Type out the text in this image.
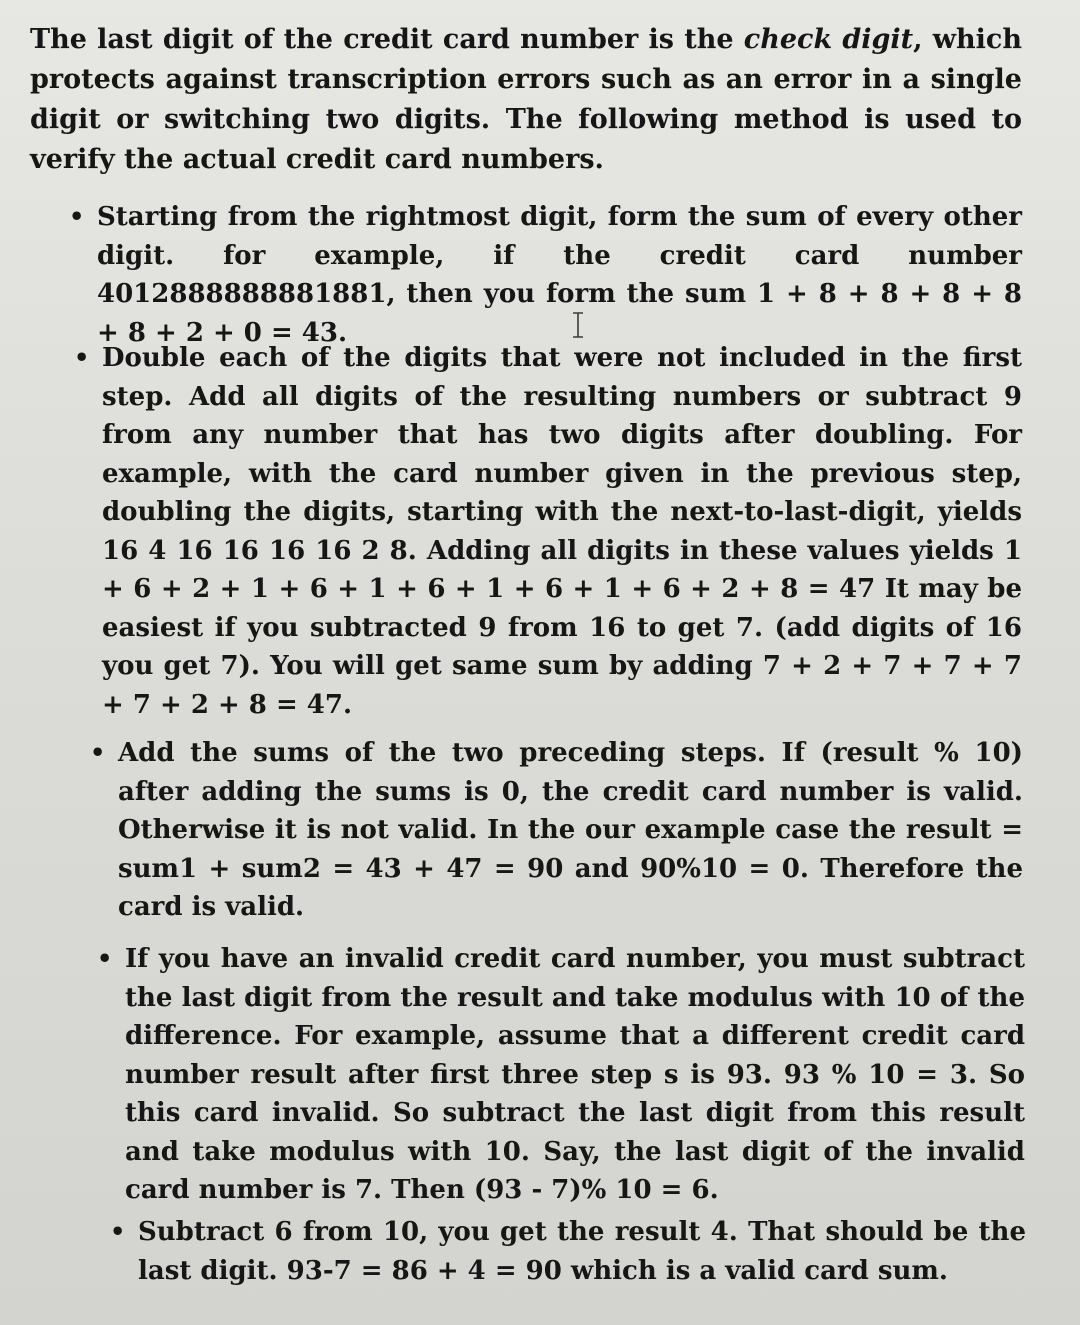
The last digit of the credit card number is the check digit, which protects against transcription errors such as an error in a single digit or switching two digits. The following method is used to verify the actual credit card numbers.

• Starting from the rightmost digit, form the sum of every other digit. for example, if the credit card number 4012888888881881, then you form the sum 1 + 8 + 8 + 8 + 8 + 8 + 2 + 0 = 43.
• Double each of the digits that were not included in the first step. Add all digits of the resulting numbers or subtract 9 from any number that has two digits after doubling. For example, with the card number given in the previous step, doubling the digits, starting with the next-to-last-digit, yields 16 4 16 16 16 16 2 8. Adding all digits in these values yields 1 + 6 + 2 + 1 + 6 + 1 + 6 + 1 + 6 + 1 + 6 + 2 + 8 = 47 It may be easiest if you subtracted 9 from 16 to get 7. (add digits of 16 you get 7). You will get same sum by adding 7 + 2 + 7 + 7 + 7 + 7 + 2 + 8 = 47.
• Add the sums of the two preceding steps. If (result % 10) after adding the sums is 0, the credit card number is valid. Otherwise it is not valid. In the our example case the result = sum1 + sum2 = 43 + 47 = 90 and 90%10 = 0. Therefore the card is valid.
• If you have an invalid credit card number, you must subtract the last digit from the result and take modulus with 10 of the difference. For example, assume that a different credit card number result after first three step s is 93. 93 % 10 = 3. So this card invalid. So subtract the last digit from this result and take modulus with 10. Say, the last digit of the invalid card number is 7. Then (93 - 7)% 10 = 6.
• Subtract 6 from 10, you get the result 4. That should be the last digit. 93-7 = 86 + 4 = 90 which is a valid card sum.
